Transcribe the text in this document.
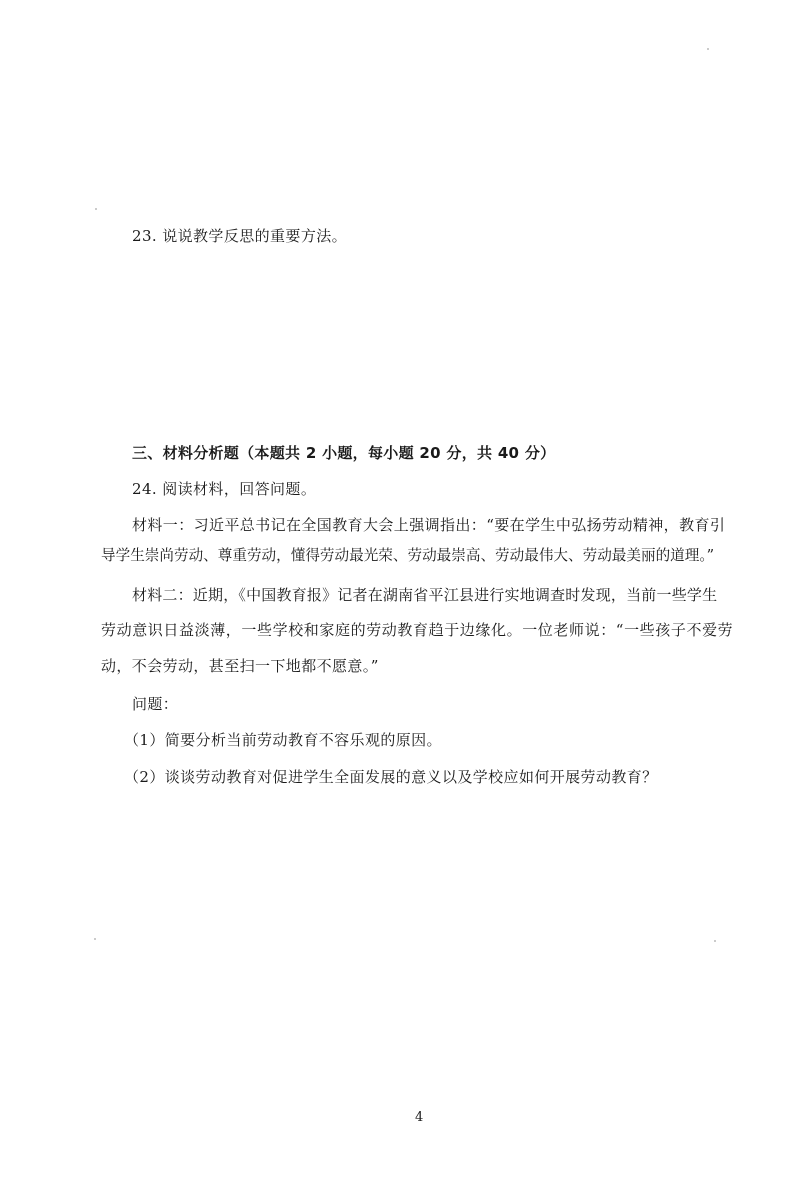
23. 说说教学反思的重要方法。
三、材料分析题（本题共 2 小题，每小题 20 分，共 40 分）
24. 阅读材料，回答问题。
材料一：习近平总书记在全国教育大会上强调指出：“要在学生中弘扬劳动精神，教育引
导学生崇尚劳动、尊重劳动，懂得劳动最光荣、劳动最崇高、劳动最伟大、劳动最美丽的道理。”
材料二：近期，《中国教育报》记者在湖南省平江县进行实地调查时发现，当前一些学生
劳动意识日益淡薄，一些学校和家庭的劳动教育趋于边缘化。一位老师说：“一些孩子不爱劳
动，不会劳动，甚至扫一下地都不愿意。”
问题：
（1）简要分析当前劳动教育不容乐观的原因。
（2）谈谈劳动教育对促进学生全面发展的意义以及学校应如何开展劳动教育？
4
